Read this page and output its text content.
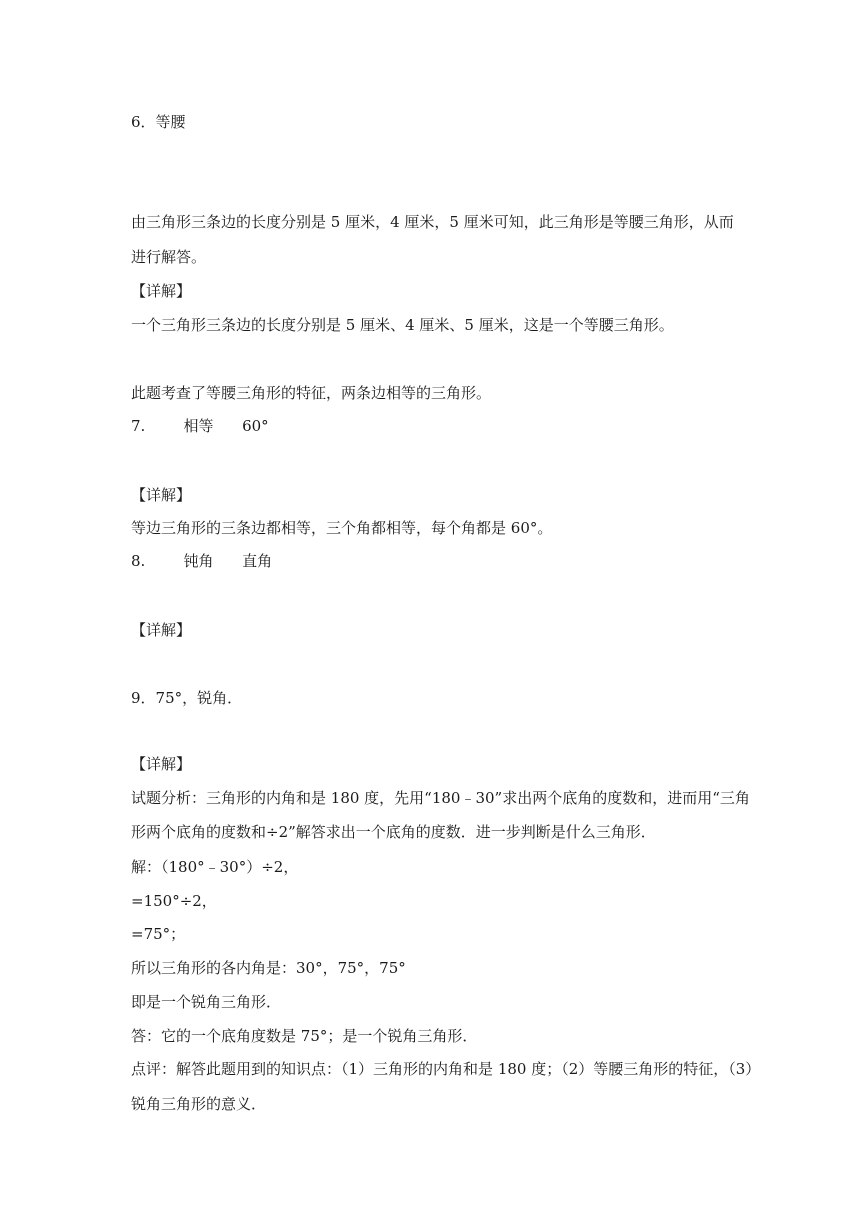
6．等腰
由三角形三条边的长度分别是 5 厘米，4 厘米，5 厘米可知，此三角形是等腰三角形，从而
进行解答。
【详解】
一个三角形三条边的长度分别是 5 厘米、4 厘米、5 厘米，这是一个等腰三角形。
此题考查了等腰三角形的特征，两条边相等的三角形。
7.        相等      60°
【详解】
等边三角形的三条边都相等，三个角都相等，每个角都是 60°。
8.        钝角      直角
【详解】
9．75°，锐角．
【详解】
试题分析：三角形的内角和是 180 度，先用“180﹣30”求出两个底角的度数和，进而用“三角
形两个底角的度数和÷2”解答求出一个底角的度数．进一步判断是什么三角形．
解：（180°﹣30°）÷2，
=150°÷2，
=75°；
所以三角形的各内角是：30°，75°，75°
即是一个锐角三角形．
答：它的一个底角度数是 75°；是一个锐角三角形．
点评：解答此题用到的知识点：（1）三角形的内角和是 180 度；（2）等腰三角形的特征，（3）
锐角三角形的意义．
